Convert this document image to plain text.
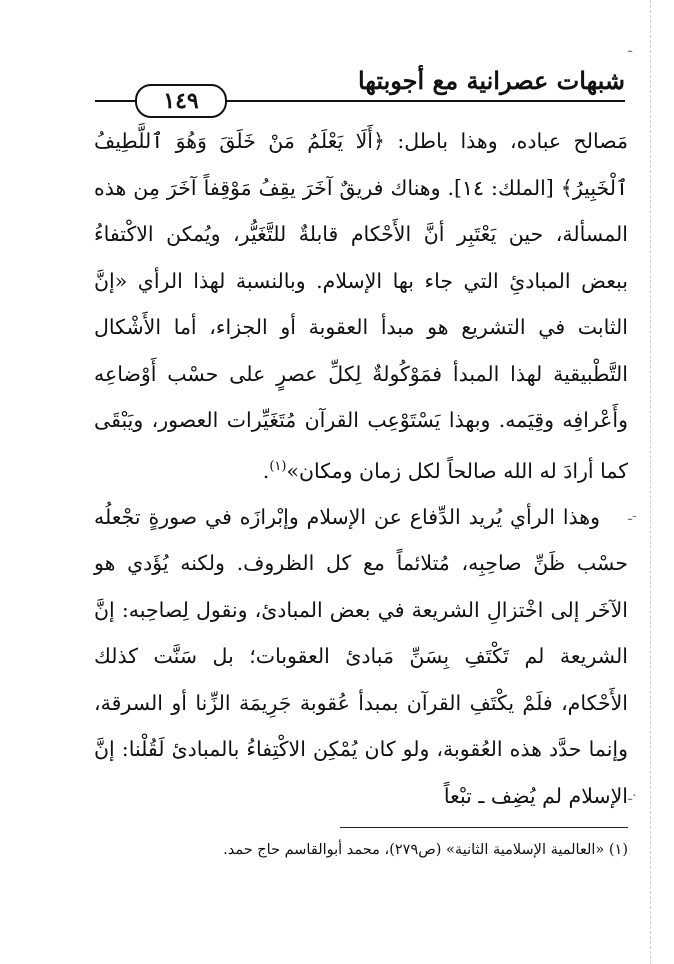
ـ
ـ-
ـ·
شبهات عصرانية مع أجوبتها
١٤٩

مَصالح عباده، وهذا باطل: ﴿أَلَا يَعْلَمُ مَنْ خَلَقَ وَهُوَ ٱللَّطِيفُ ٱلْخَبِيرُ﴾ [الملك: ١٤]. وهناك فريقٌ آخَرَ يقِفُ مَوْقِفاً آخَرَ مِن هذه المسألة، حين يَعْتَبِر أنَّ الأَحْكام قابلةٌ للتَّغَيُّر، ويُمكن الاكْتفاءُ ببعض المبادئِ التي جاء بها الإسلام. وبالنسبة لهذا الرأي «إنَّ الثابت في التشريع هو مبدأ العقوبة أو الجزاء، أما الأَشْكال التَّطْبيقية لهذا المبدأ فمَوْكُولةٌ لِكلِّ عصرٍ على حسْب أَوْضاعِه وأَعْرافِه وقِيَمه. وبهذا يَسْتَوْعِب القرآن مُتَغَيِّرات العصور، ويَبْقَى كما أرادَ له الله صالحاً لكل زمان ومكان»$^{(١)}$.

وهذا الرأي يُريد الدِّفاع عن الإسلام وإبْرازَه في صورةٍ تجْعلُه حسْب ظَنِّ صاحِبِه، مُتلائماً مع كل الظروف. ولكنه يُؤَدي هو الآخَر إلى اخْتزالِ الشريعة في بعض المبادئ، ونقول لِصاحِبه: إنَّ الشريعة لم تَكْتَفِ بِسَنِّ مَبادئ العقوبات؛ بل سَنَّت كذلك الأَحْكام، فلَمْ يكْتَفِ القرآن بمبدأ عُقوبة جَرِيمَة الزِّنا أو السرقة، وإنما حدَّد هذه العُقوبة، ولو كان يُمْكِن الاكْتِفاءُ بالمبادئ لَقُلْنا: إنَّ الإسلام لم يُضِف ـ تبْعاً

(١) «العالمية الإسلامية الثانية» (ص٢٧٩)، محمد أبوالقاسم حاج حمد.
